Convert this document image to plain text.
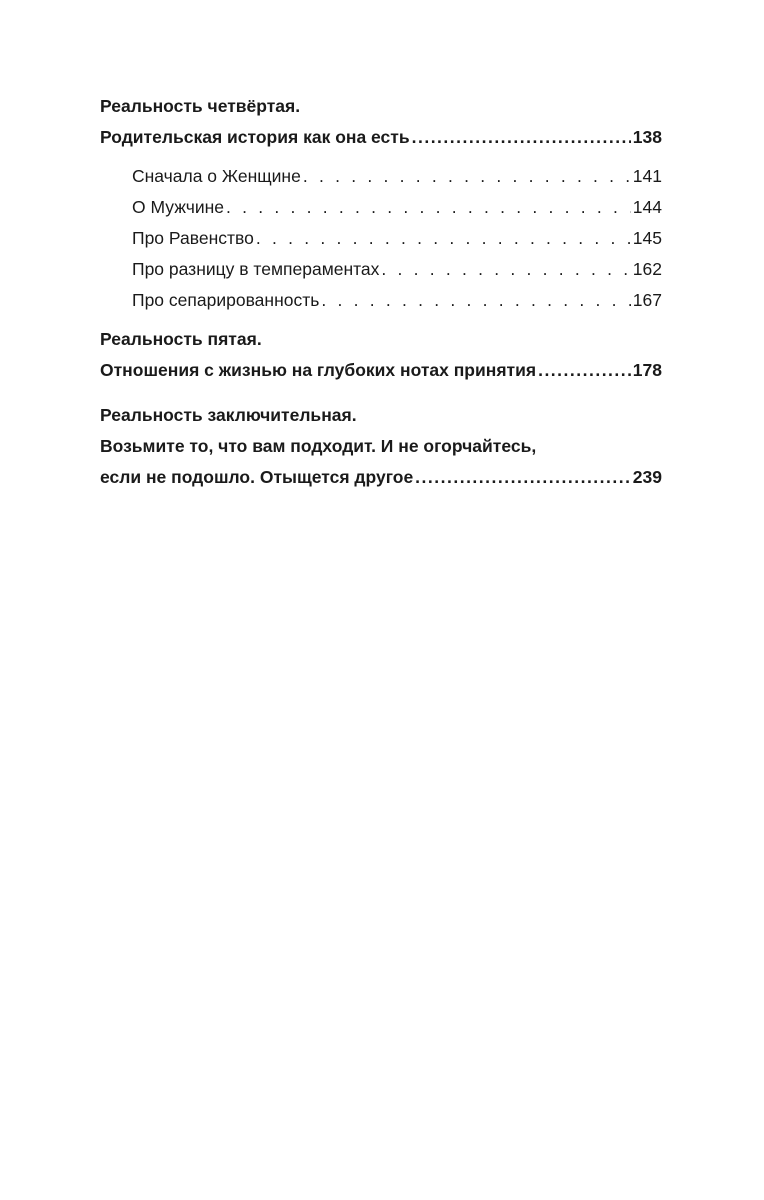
Реальность четвёртая.
Родительская история как она есть .....	138
Сначала о Женщине . . .	141
О Мужчине . . .	144
Про Равенство . . .	145
Про разницу в темпераментах . . .	162
Про сепарированность . . .	167
Реальность пятая.
Отношения с жизнью на глубоких нотах принятия .....	178
Реальность заключительная.
Возьмите то, что вам подходит. И не огорчайтесь,
если не подошло. Отыщется другое .....	239
